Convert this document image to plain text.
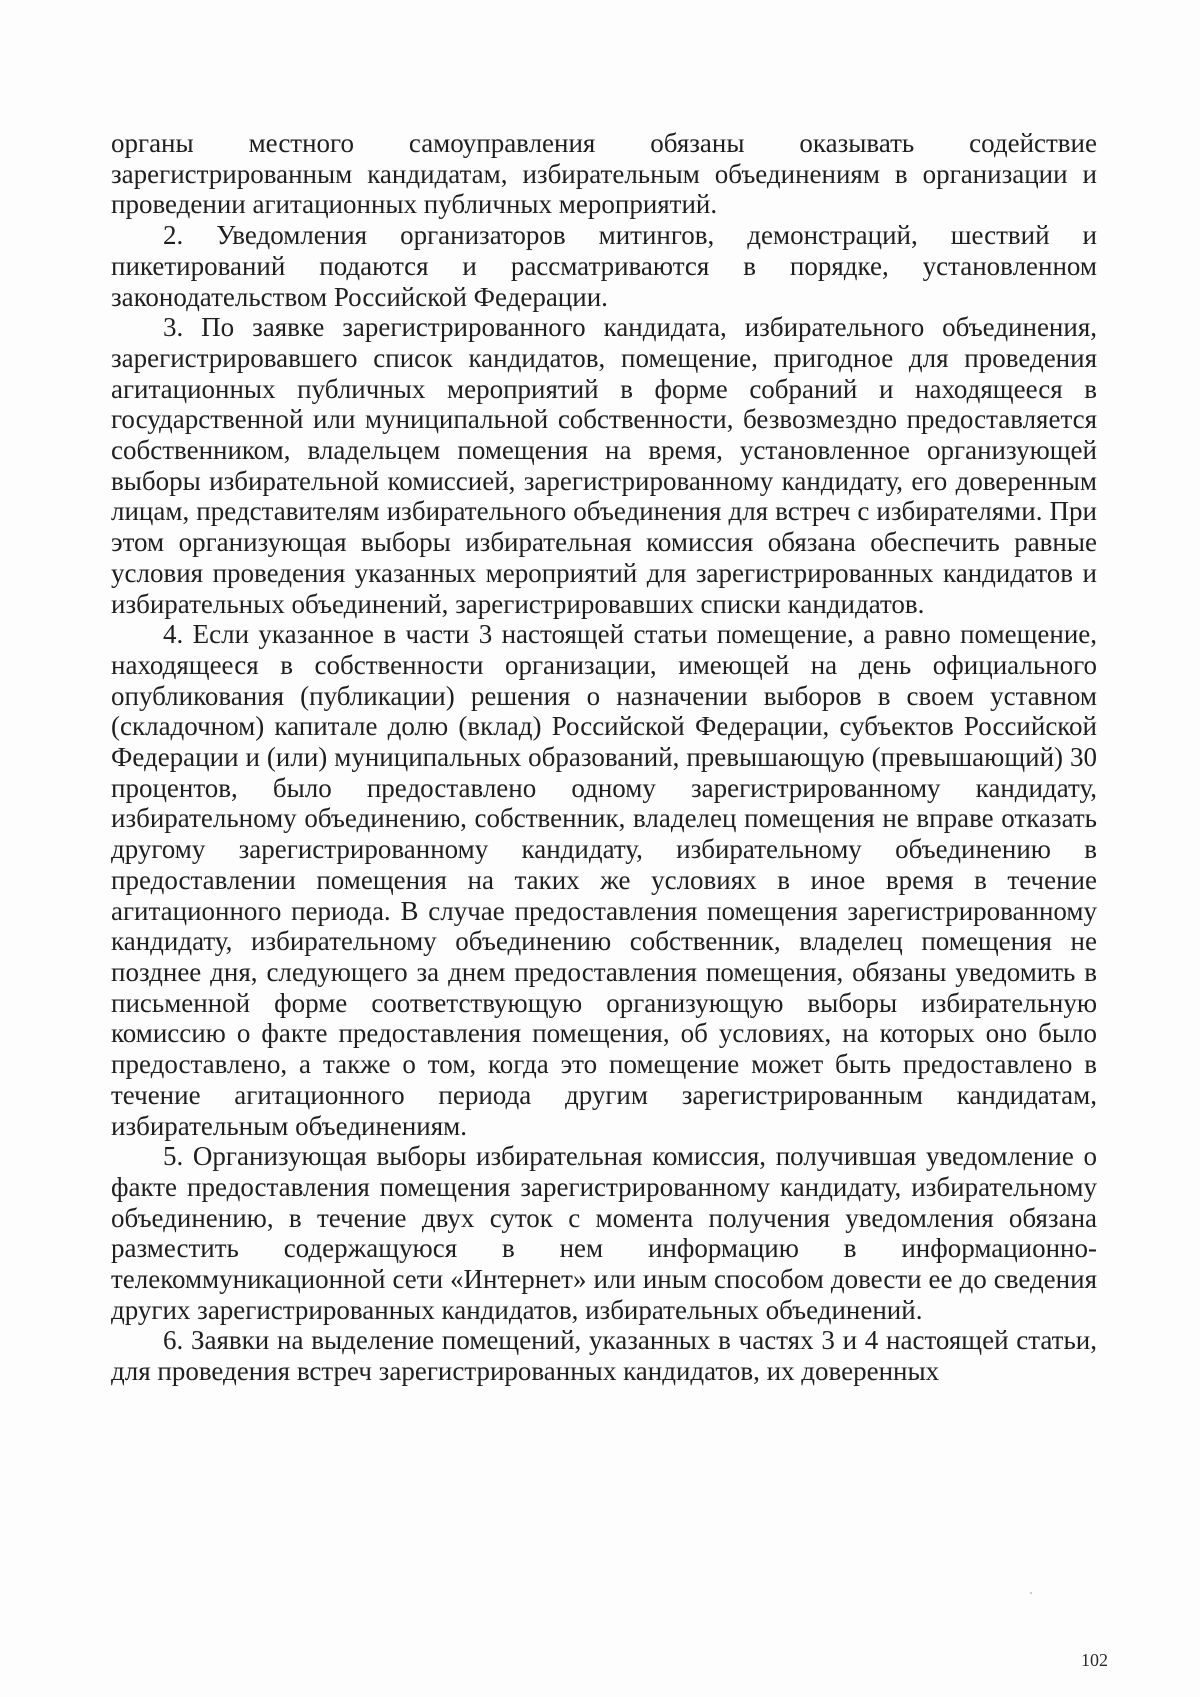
органы местного самоуправления обязаны оказывать содействие зарегистрированным кандидатам, избирательным объединениям в организации и проведении агитационных публичных мероприятий.

2. Уведомления организаторов митингов, демонстраций, шествий и пикетирований подаются и рассматриваются в порядке, установленном законодательством Российской Федерации.

3. По заявке зарегистрированного кандидата, избирательного объединения, зарегистрировавшего список кандидатов, помещение, пригодное для проведения агитационных публичных мероприятий в форме собраний и находящееся в государственной или муниципальной собственности, безвозмездно предоставляется собственником, владельцем помещения на время, установленное организующей выборы избирательной комиссией, зарегистрированному кандидату, его доверенным лицам, представителям избирательного объединения для встреч с избирателями. При этом организующая выборы избирательная комиссия обязана обеспечить равные условия проведения указанных мероприятий для зарегистрированных кандидатов и избирательных объединений, зарегистрировавших списки кандидатов.

4. Если указанное в части 3 настоящей статьи помещение, а равно помещение, находящееся в собственности организации, имеющей на день официального опубликования (публикации) решения о назначении выборов в своем уставном (складочном) капитале долю (вклад) Российской Федерации, субъектов Российской Федерации и (или) муниципальных образований, превышающую (превышающий) 30 процентов, было предоставлено одному зарегистрированному кандидату, избирательному объединению, собственник, владелец помещения не вправе отказать другому зарегистрированному кандидату, избирательному объединению в предоставлении помещения на таких же условиях в иное время в течение агитационного периода. В случае предоставления помещения зарегистрированному кандидату, избирательному объединению собственник, владелец помещения не позднее дня, следующего за днем предоставления помещения, обязаны уведомить в письменной форме соответствующую организующую выборы избирательную комиссию о факте предоставления помещения, об условиях, на которых оно было предоставлено, а также о том, когда это помещение может быть предоставлено в течение агитационного периода другим зарегистрированным кандидатам, избирательным объединениям.

5. Организующая выборы избирательная комиссия, получившая уведомление о факте предоставления помещения зарегистрированному кандидату, избирательному объединению, в течение двух суток с момента получения уведомления обязана разместить содержащуюся в нем информацию в информационно-телекоммуникационной сети «Интернет» или иным способом довести ее до сведения других зарегистрированных кандидатов, избирательных объединений.

6. Заявки на выделение помещений, указанных в частях 3 и 4 настоящей статьи, для проведения встреч зарегистрированных кандидатов, их доверенных

102
